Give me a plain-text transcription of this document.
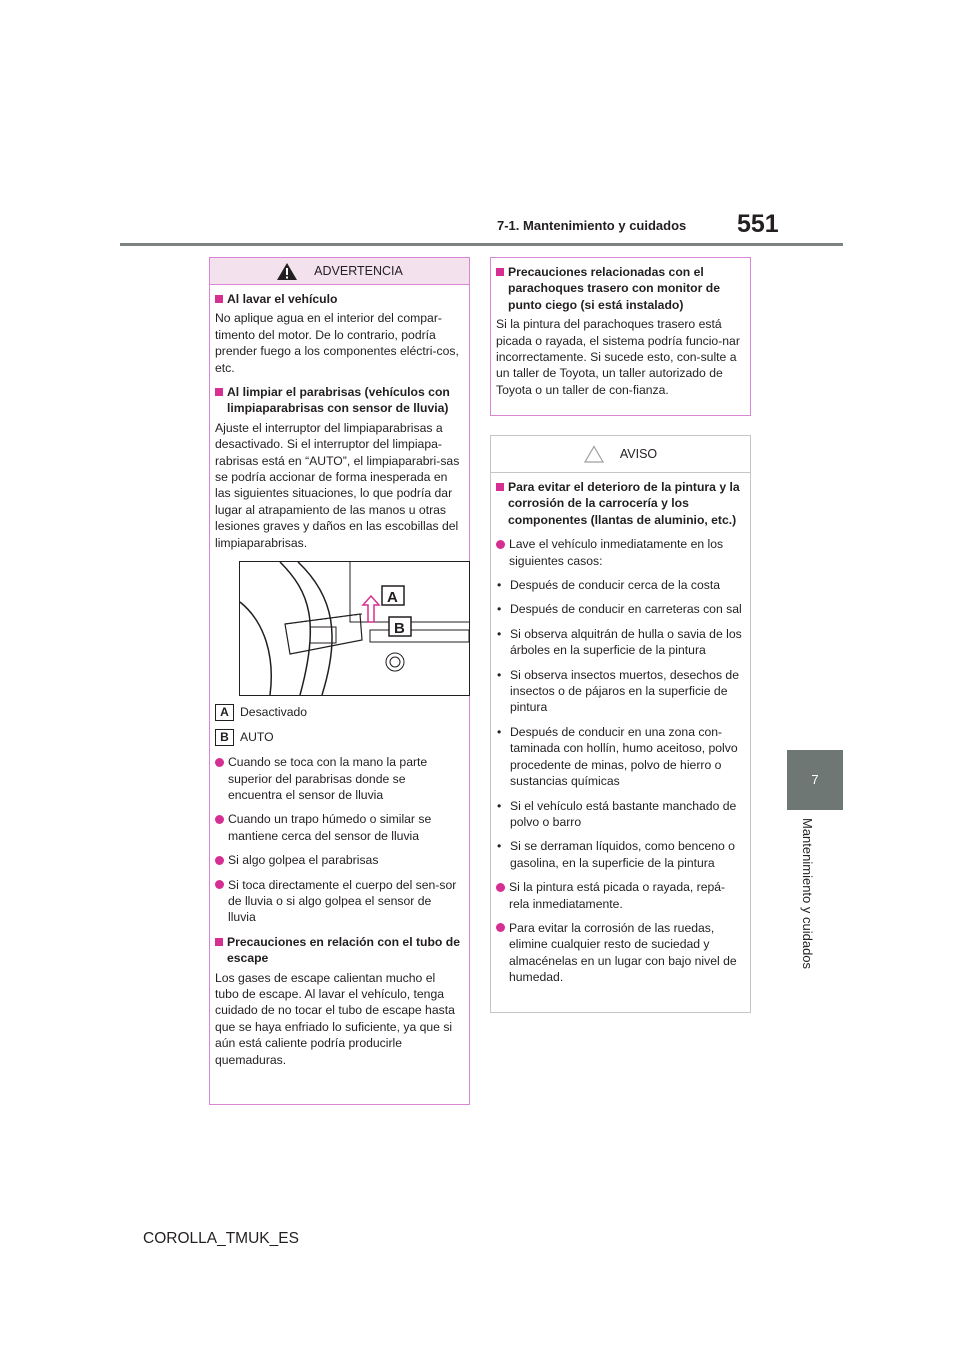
7-1. Mantenimiento y cuidados 551
7
Mantenimiento y cuidados
ADVERTENCIA
Al lavar el vehículo
No aplique agua en el interior del compar-timento del motor. De lo contrario, podría prender fuego a los componentes eléctri-cos, etc.
Al limpiar el parabrisas (vehículos con limpiaparabrisas con sensor de lluvia)
Ajuste el interruptor del limpiaparabrisas a desactivado. Si el interruptor del limpiapa-rabrisas está en “AUTO”, el limpiaparabri-sas se podría accionar de forma inesperada en las siguientes situaciones, lo que podría dar lugar al atrapamiento de las manos u otras lesiones graves y daños en las escobillas del limpiaparabrisas.
A
B
A Desactivado
B AUTO
Cuando se toca con la mano la parte superior del parabrisas donde se encuentra el sensor de lluvia
Cuando un trapo húmedo o similar se mantiene cerca del sensor de lluvia
Si algo golpea el parabrisas
Si toca directamente el cuerpo del sen-sor de lluvia o si algo golpea el sensor de lluvia
Precauciones en relación con el tubo de escape
Los gases de escape calientan mucho el tubo de escape. Al lavar el vehículo, tenga cuidado de no tocar el tubo de escape hasta que se haya enfriado lo suficiente, ya que si aún está caliente podría producirle quemaduras.
Precauciones relacionadas con el parachoques trasero con monitor de punto ciego (si está instalado)
Si la pintura del parachoques trasero está picada o rayada, el sistema podría funcio-nar incorrectamente. Si sucede esto, con-sulte a un taller de Toyota, un taller autorizado de Toyota o un taller de con-fianza.
AVISO
Para evitar el deterioro de la pintura y la corrosión de la carrocería y los componentes (llantas de aluminio, etc.)
Lave el vehículo inmediatamente en los siguientes casos:
• Después de conducir cerca de la costa
• Después de conducir en carreteras con sal
• Si observa alquitrán de hulla o savia de los árboles en la superficie de la pintura
• Si observa insectos muertos, desechos de insectos o de pájaros en la superficie de pintura
• Después de conducir en una zona con-taminada con hollín, humo aceitoso, polvo procedente de minas, polvo de hierro o sustancias químicas
• Si el vehículo está bastante manchado de polvo o barro
• Si se derraman líquidos, como benceno o gasolina, en la superficie de la pintura
Si la pintura está picada o rayada, repá-rela inmediatamente.
Para evitar la corrosión de las ruedas, elimine cualquier resto de suciedad y almacénelas en un lugar con bajo nivel de humedad.
COROLLA_TMUK_ES
